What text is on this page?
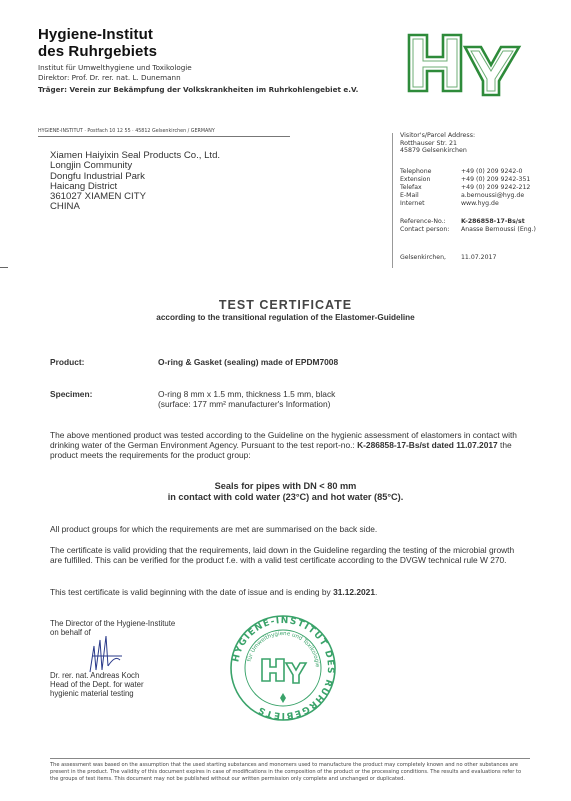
Hygiene-Institut
des Ruhrgebiets
Institut für Umwelthygiene und Toxikologie
Direktor: Prof. Dr. rer. nat. L. Dunemann
Träger: Verein zur Bekämpfung der Volkskrankheiten im Ruhrkohlengebiet e.V.
HYGIENE-INSTITUT · Postfach 10 12 55 · 45812 Gelsenkirchen / GERMANY
Xiamen Haiyixin Seal Products Co., Ltd.
Longjin Community
Dongfu Industrial Park
Haicang District
361027 XIAMEN CITY
CHINA
Visitor's/Parcel Address:
Rotthauser Str. 21
45879 Gelsenkirchen
Telephone	+49 (0) 209 9242-0
Extension	+49 (0) 209 9242-351
Telefax	+49 (0) 209 9242-212
E-Mail	a.bernoussi@hyg.de
Internet	www.hyg.de
Reference-No.: K-286858-17-Bs/st
Contact person: Anasse Bernoussi (Eng.)
Gelsenkirchen, 11.07.2017
TEST CERTIFICATE
according to the transitional regulation of the Elastomer-Guideline
Product:	O-ring & Gasket (sealing) made of EPDM7008
Specimen:	O-ring 8 mm x 1.5 mm, thickness 1.5 mm, black
(surface: 177 mm² manufacturer's Information)
The above mentioned product was tested according to the Guideline on the hygienic assessment of elastomers in contact with drinking water of the German Environment Agency. Pursuant to the test report-no.: K-286858-17-Bs/st dated 11.07.2017 the product meets the requirements for the product group:
Seals for pipes with DN < 80 mm
in contact with cold water (23°C) and hot water (85°C).
All product groups for which the requirements are met are summarised on the back side.
The certificate is valid providing that the requirements, laid down in the Guideline regarding the testing of the microbial growth are fulfilled. This can be verified for the product f.e. with a valid test certificate according to the DVGW technical rule W 270.
This test certificate is valid beginning with the date of issue and is ending by 31.12.2021.
The Director of the Hygiene-Institute
on behalf of
Dr. rer. nat. Andreas Koch
Head of the Dept. for water
hygienic material testing
HYGIENE-INSTITUT DES RUHRGEBIETS
für Umwelthygiene und Toxikologie
The assessment was based on the assumption that the used starting substances and monomers used to manufacture the product may completely known and no other substances are present in the product. The validity of this document expires in case of modifications in the composition of the product or the processing conditions. The results and evaluations refer to the groups of test items. This document may not be published without our written permission only complete and unchanged or duplicated.
